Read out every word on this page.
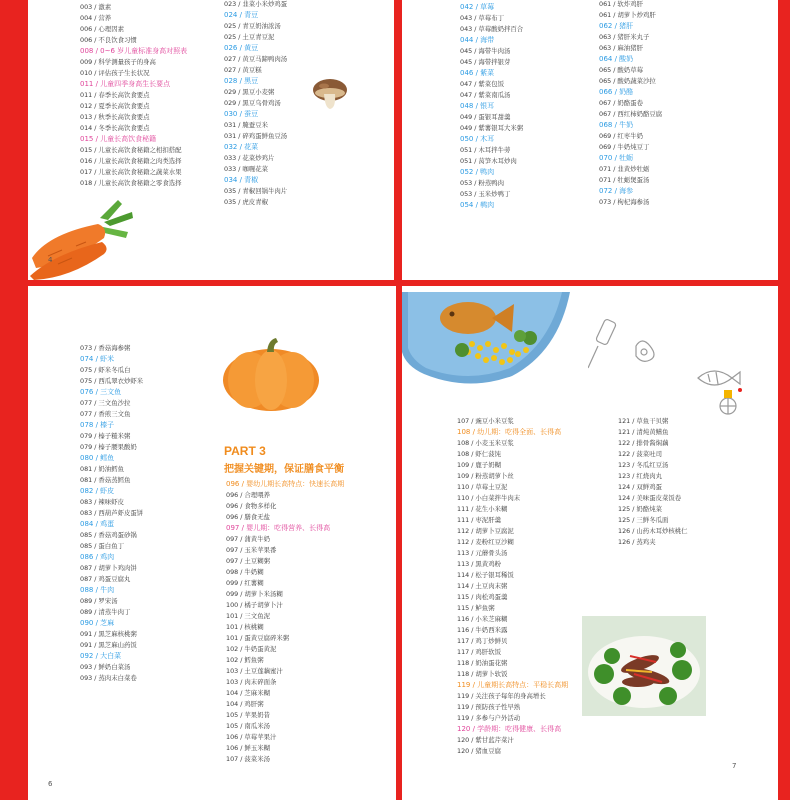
003 / 激素
004 / 营养
006 / 心理因素
006 / 不良饮食习惯
008 / 0~6 岁儿童标准身高对照表
009 / 科学测量孩子的身高
010 / 评估孩子生长状况
011 / 儿童四季身高生长要点
011 / 春季长高饮食要点
012 / 夏季长高饮食要点
013 / 秋季长高饮食要点
014 / 冬季长高饮食要点
015 / 儿童长高饮食秘籍
015 / 儿童长高饮食秘籍之相扣搭配
016 / 儿童长高饮食秘籍之肉类选择
017 / 儿童长高饮食秘籍之蔬菜水果
018 / 儿童长高饮食秘籍之零食选择
023 / 韭菜小米炒鸡蛋
024 / 青豆
025 / 青豆奶油浓汤
025 / 土豆青豆泥
026 / 黄豆
027 / 黄豆马蹄鸭肉汤
027 / 黄豆糕
028 / 黑豆
029 / 黑豆小麦粥
029 / 黑豆乌骨鸡汤
030 / 蚕豆
031 / 腌蚕豆米
031 / 碎鸡蛋鲜鱼豆汤
032 / 花菜
033 / 花菜炒鸡片
033 / 咖喱花菜
034 / 青椒
035 / 青椒回锅牛肉片
035 / 虎皮青椒
4
042 / 草莓
043 / 草莓布丁
043 / 草莓酸奶拌百合
044 / 海带
045 / 海带牛肉汤
045 / 海带拌银芽
046 / 紫菜
047 / 紫菜包饭
047 / 紫菜南瓜汤
048 / 银耳
049 / 蛋银耳甜羹
049 / 紫薯银耳大米粥
050 / 木耳
051 / 木耳拌牛蒡
051 / 莴笋木耳炒肉
052 / 鸭肉
053 / 粉蒸鸭肉
053 / 玉米炒鸭丁
054 / 鹌肉
061 / 软炸鸡肝
061 / 胡萝卜炒鸡肝
062 / 猪肝
063 / 猪肝米丸子
063 / 麻油猪肝
064 / 酸奶
065 / 酸奶草莓
065 / 酸奶蔬菜沙拉
066 / 奶酪
067 / 奶酪蛋卷
067 / 西红柿奶酪豆腐
068 / 牛奶
069 / 红枣牛奶
069 / 牛奶炖豆丁
070 / 牡蛎
071 / 韭黄炒牡蛎
071 / 牡蛎煲蛋汤
072 / 海参
073 / 枸杞海参汤
073 / 香菇海参粥
074 / 虾米
075 / 虾米冬瓜白
075 / 西瓜翠衣炒虾米
076 / 三文鱼
077 / 三文鱼沙拉
077 / 香煎三文鱼
078 / 榛子
079 / 榛子糙米粥
079 / 榛子腰果酸奶
080 / 鳕鱼
081 / 奶油鳕鱼
081 / 香菇蒸鳕鱼
082 / 虾皮
083 / 辣味虾皮
083 / 西葫芦虾皮蛋饼
084 / 鸡蛋
085 / 香菇鸡蛋砂锅
085 / 蛋白鱼丁
086 / 鸡肉
087 / 胡萝卜鸡肉饼
087 / 鸡蛋豆腐丸
088 / 牛肉
089 / 罗宋汤
089 / 清蒸牛肉丁
090 / 芝麻
091 / 黑芝麻核桃粥
091 / 黑芝麻山药饭
092 / 大白菜
093 / 鲜奶白菜汤
093 / 蒸肉末白菜卷
PART 3
把握关键期，保证膳食平衡
096 / 婴幼儿期长高特点：快速长高期
096 / 合理喂养
096 / 食物多样化
096 / 膳食无盐
097 / 婴儿期：吃得营养、长得高
097 / 蒲黄牛奶
097 / 玉米苹果番
097 / 土豆糊粥
098 / 牛奶糊
099 / 红薯糊
099 / 胡萝卜米汤糊
100 / 橘子胡萝卜汁
101 / 三文鱼泥
101 / 核桃糊
101 / 蛋黄豆腐碎米粥
102 / 牛奶蛋黄泥
102 / 鳕鱼粥
103 / 土豆莲藕蜜汁
103 / 肉末碎面条
104 / 芝麻米糊
104 / 鸡肝粥
105 / 苹果奶昔
105 / 南瓜米汤
106 / 草莓苹果汁
106 / 鲜玉米糊
107 / 菠菜米汤
6
107 / 豌豆小米豆浆
108 / 幼儿期：吃得全面、长得高
108 / 小麦玉米豆浆
108 / 虾仁菠饨
109 / 鹿子奶糊
109 / 粉蒸胡萝卜丝
110 / 草莓土豆泥
110 / 小白菜拌牛肉末
111 / 花生小米糊
111 / 枣泥肝羹
112 / 胡萝卜豆腐泥
112 / 麦粉红豆沙糊
113 / 元蘑骨头汤
113 / 黑黄鸡粉
114 / 松子银耳稀饭
114 / 土豆肉末粥
115 / 肉松鸡蛋羹
115 / 鲈鱼粥
116 / 小米芝麻糊
116 / 牛奶西米露
117 / 鸡丁炒鲜贝
117 / 鸡肝软饭
118 / 奶油蛋花粥
118 / 胡萝卜软饭
119 / 儿童期长高特点：平稳长高期
119 / 关注孩子每年的身高增长
119 / 预防孩子性早熟
119 / 多参与户外活动
120 / 学龄期：吃得健康、长得高
120 / 紫甘蓝芹菜汁
120 / 猪血豆腐
121 / 草鱼干贝粥
121 / 清炖黄鳝鱼
122 / 排骨酱焖藕
122 / 菠菜吐司
123 / 冬瓜红豆汤
123 / 红烧肉丸
124 / 双鲜鸡蛋
124 / 美味蛋皮菜饭卷
125 / 奶酪炖菜
125 / 三鲜冬瓜面
126 / 山药木耳炒核桃仁
126 / 蒸鸡夹
7
